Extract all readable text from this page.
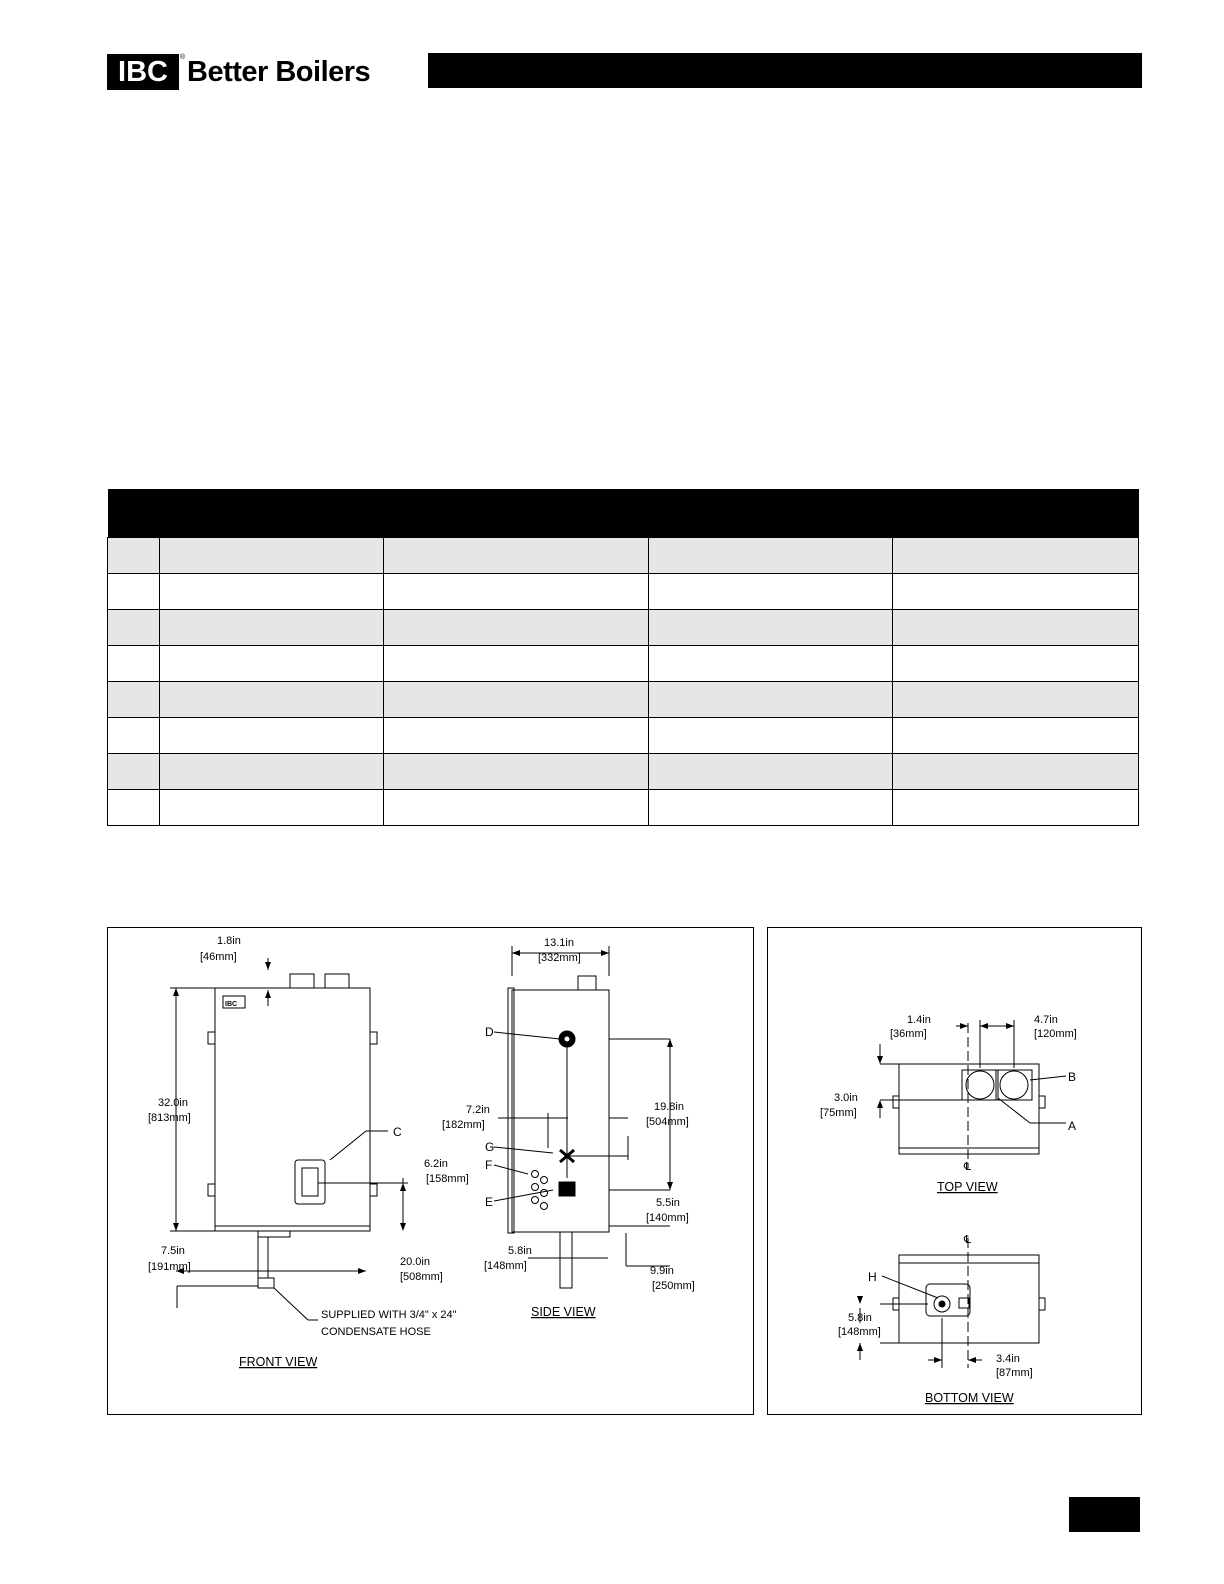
IBC	® Better Boilers

1.8in
[46mm]
32.0in
[813mm]
C
6.2in
[158mm]
7.5in
[191mm]	20.0in
[508mm]
SUPPLIED WITH 3/4" x 24"
CONDENSATE HOSE
FRONT VIEW
IBC
13.1in
[332mm]
D
7.2in
[182mm]
19.8in
[504mm]
G
F
E	5.5in
[140mm]
5.8in
[148mm]	9.9in
[250mm]
SIDE VIEW
1.4in
[36mm]
4.7in
[120mm]
3.0in
[75mm]
B
A
℄
TOP VIEW
℄
H
5.8in
[148mm]
3.4in
[87mm]
BOTTOM VIEW
